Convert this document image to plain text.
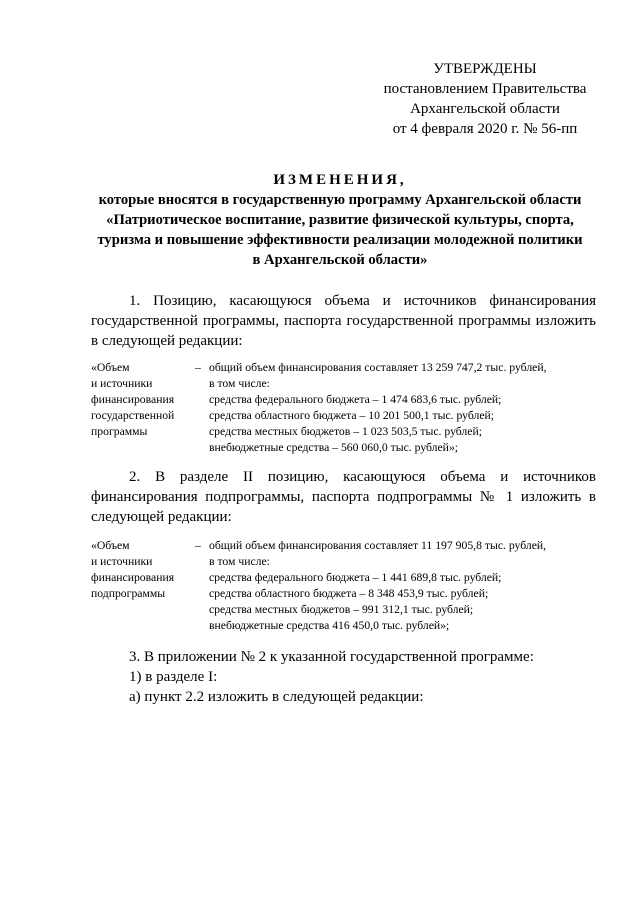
УТВЕРЖДЕНЫ
постановлением Правительства
Архангельской области
от 4 февраля 2020 г. № 56-пп
ИЗМЕНЕНИЯ,
которые вносятся в государственную программу Архангельской области
«Патриотическое воспитание, развитие физической культуры, спорта,
туризма и повышение эффективности реализации молодежной политики
в Архангельской области»
1. Позицию, касающуюся объема и источников финансирования государственной программы, паспорта государственной программы изложить в следующей редакции:
«Объем
и источники
финансирования
государственной
программы
– общий объем финансирования составляет 13 259 747,2 тыс. рублей,
в том числе:
средства федерального бюджета – 1 474 683,6 тыс. рублей;
средства областного бюджета – 10 201 500,1 тыс. рублей;
средства местных бюджетов – 1 023 503,5 тыс. рублей;
внебюджетные средства – 560 060,0 тыс. рублей»;
2. В разделе II позицию, касающуюся объема и источников финансирования подпрограммы, паспорта подпрограммы № 1 изложить в следующей редакции:
«Объем
и источники
финансирования
подпрограммы
– общий объем финансирования составляет 11 197 905,8 тыс. рублей,
в том числе:
средства федерального бюджета – 1 441 689,8 тыс. рублей;
средства областного бюджета – 8 348 453,9 тыс. рублей;
средства местных бюджетов – 991 312,1 тыс. рублей;
внебюджетные средства 416 450,0 тыс. рублей»;
3. В приложении № 2 к указанной государственной программе:
1) в разделе I:
а) пункт 2.2 изложить в следующей редакции:
